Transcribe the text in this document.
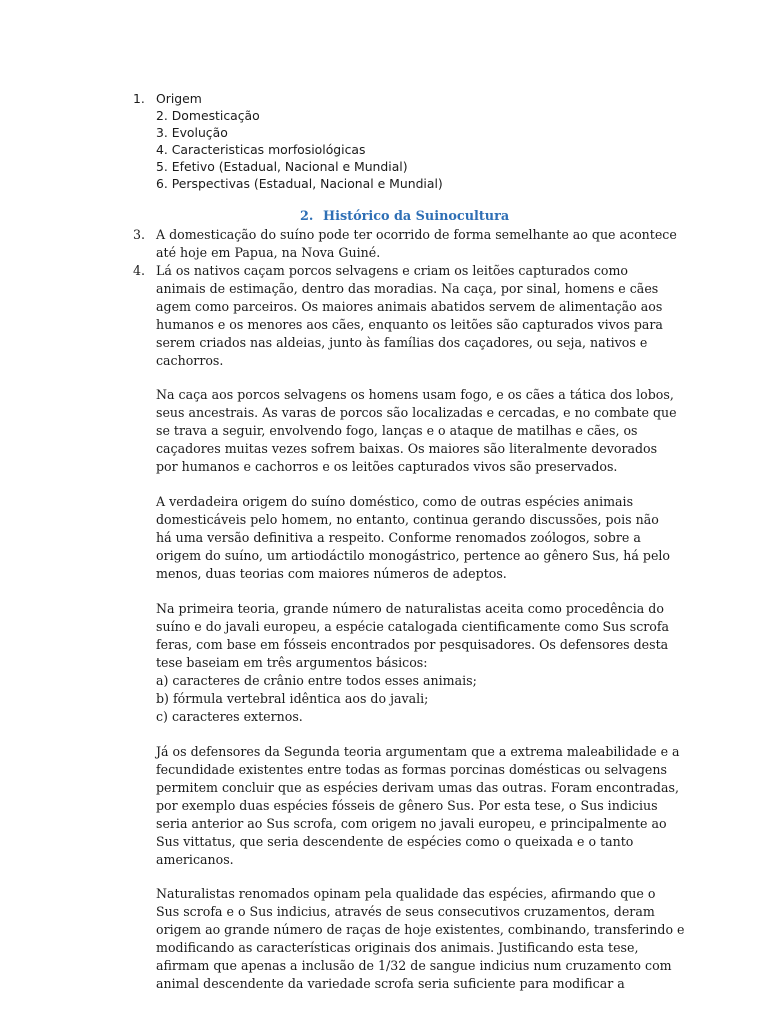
1. Origem
2. Domesticação
3. Evolução
4. Caracteristicas morfosiológicas
5. Efetivo (Estadual, Nacional e Mundial)
6. Perspectivas (Estadual, Nacional e Mundial)
2. Histórico da Suinocultura
3. A domesticação do suíno pode ter ocorrido de forma semelhante ao que acontece
até hoje em Papua, na Nova Guiné.
4. Lá os nativos caçam porcos selvagens e criam os leitões capturados como
animais de estimação, dentro das moradias. Na caça, por sinal, homens e cães
agem como parceiros. Os maiores animais abatidos servem de alimentação aos
humanos e os menores aos cães, enquanto os leitões são capturados vivos para
serem criados nas aldeias, junto às famílias dos caçadores, ou seja, nativos e
cachorros.
Na caça aos porcos selvagens os homens usam fogo, e os cães a tática dos lobos,
seus ancestrais. As varas de porcos são localizadas e cercadas, e no combate que
se trava a seguir, envolvendo fogo, lanças e o ataque de matilhas e cães, os
caçadores muitas vezes sofrem baixas. Os maiores são literalmente devorados
por humanos e cachorros e os leitões capturados vivos são preservados.
A verdadeira origem do suíno doméstico, como de outras espécies animais
domesticáveis pelo homem, no entanto, continua gerando discussões, pois não
há uma versão definitiva a respeito. Conforme renomados zoólogos, sobre a
origem do suíno, um artiodáctilo monogástrico, pertence ao gênero Sus, há pelo
menos, duas teorias com maiores números de adeptos.
Na primeira teoria, grande número de naturalistas aceita como procedência do
suíno e do javali europeu, a espécie catalogada cientificamente como Sus scrofa
feras, com base em fósseis encontrados por pesquisadores. Os defensores desta
tese baseiam em três argumentos básicos:
a) caracteres de crânio entre todos esses animais;
b) fórmula vertebral idêntica aos do javali;
c) caracteres externos.
Já os defensores da Segunda teoria argumentam que a extrema maleabilidade e a
fecundidade existentes entre todas as formas porcinas domésticas ou selvagens
permitem concluir que as espécies derivam umas das outras. Foram encontradas,
por exemplo duas espécies fósseis de gênero Sus. Por esta tese, o Sus indicius
seria anterior ao Sus scrofa, com origem no javali europeu, e principalmente ao
Sus vittatus, que seria descendente de espécies como o queixada e o tanto
americanos.
Naturalistas renomados opinam pela qualidade das espécies, afirmando que o
Sus scrofa e o Sus indicius, através de seus consecutivos cruzamentos, deram
origem ao grande número de raças de hoje existentes, combinando, transferindo e
modificando as características originais dos animais. Justificando esta tese,
afirmam que apenas a inclusão de 1/32 de sangue indicius num cruzamento com
animal descendente da variedade scrofa seria suficiente para modificar a
